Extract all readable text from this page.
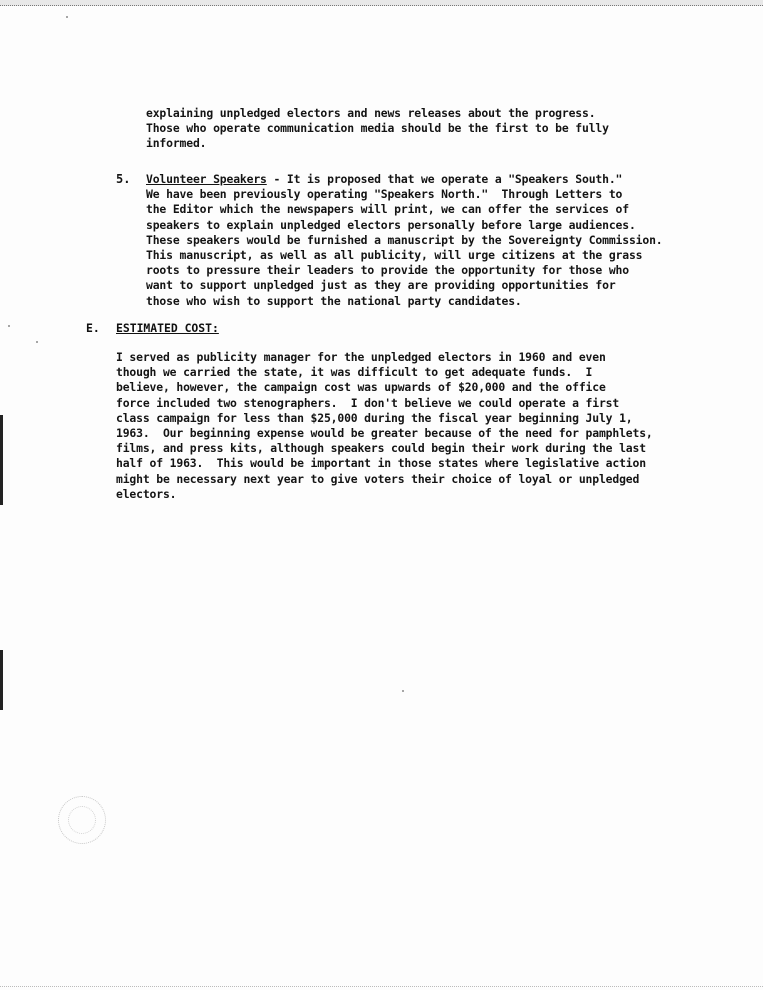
explaining unpledged electors and news releases about the progress.
Those who operate communication media should be the first to be fully
informed.
5. Volunteer Speakers - It is proposed that we operate a "Speakers South."
We have been previously operating "Speakers North."  Through Letters to
the Editor which the newspapers will print, we can offer the services of
speakers to explain unpledged electors personally before large audiences.
These speakers would be furnished a manuscript by the Sovereignty Commission.
This manuscript, as well as all publicity, will urge citizens at the grass
roots to pressure their leaders to provide the opportunity for those who
want to support unpledged just as they are providing opportunities for
those who wish to support the national party candidates.
E. ESTIMATED COST:
I served as publicity manager for the unpledged electors in 1960 and even
though we carried the state, it was difficult to get adequate funds.  I
believe, however, the campaign cost was upwards of $20,000 and the office
force included two stenographers.  I don't believe we could operate a first
class campaign for less than $25,000 during the fiscal year beginning July 1,
1963.  Our beginning expense would be greater because of the need for pamphlets,
films, and press kits, although speakers could begin their work during the last
half of 1963.  This would be important in those states where legislative action
might be necessary next year to give voters their choice of loyal or unpledged
electors.
